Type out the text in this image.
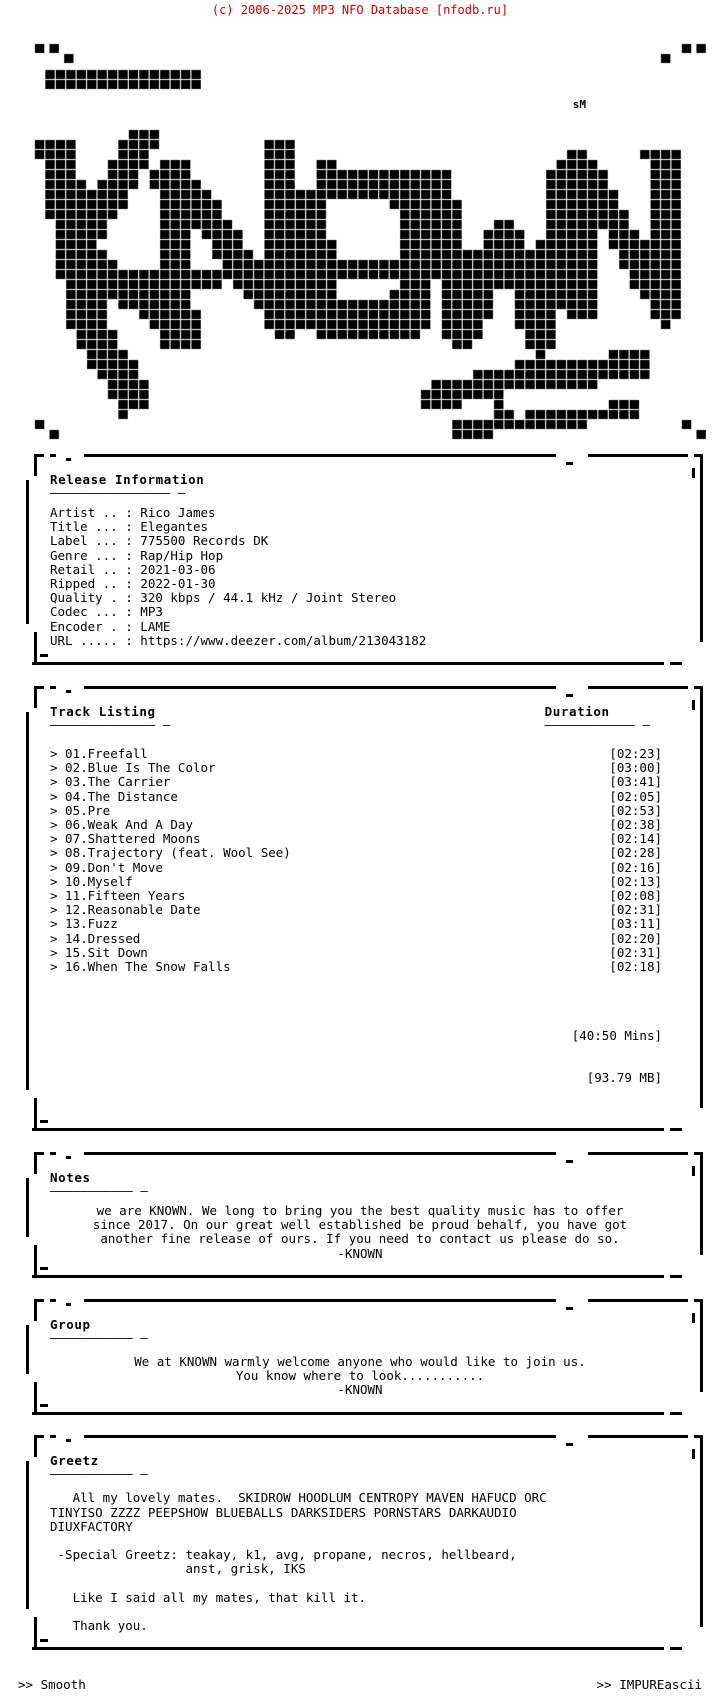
(c) 2006-2025 MP3 NFO Database [nfodb.ru]
sM
Release Information
———————————————— —
Artist .. : Rico James
Title ... : Elegantes
Label ... : 775500 Records DK
Genre ... : Rap/Hip Hop
Retail .. : 2021-03-06
Ripped .. : 2022-01-30
Quality . : 320 kbps / 44.1 kHz / Joint Stereo
Codec ... : MP3
Encoder . : LAME
URL ..... : https://www.deezer.com/album/213043182
Track Listing
—————————————— —
Duration
———————————— —
> 01.Freefall	[02:23]
> 02.Blue Is The Color	[03:00]
> 03.The Carrier	[03:41]
> 04.The Distance	[02:05]
> 05.Pre	[02:53]
> 06.Weak And A Day	[02:38]
> 07.Shattered Moons	[02:14]
> 08.Trajectory (feat. Wool See)	[02:28]
> 09.Don't Move	[02:16]
> 10.Myself	[02:13]
> 11.Fifteen Years	[02:08]
> 12.Reasonable Date	[02:31]
> 13.Fuzz	[03:11]
> 14.Dressed	[02:20]
> 15.Sit Down	[02:31]
> 16.When The Snow Falls	[02:18]

[40:50 Mins]

[93.79 MB]

Notes
——————————— —
we are KNOWN. We long to bring you the best quality music has to offer
since 2017. On our great well established be proud behalf, you have got
another fine release of ours. If you need to contact us please do so.
-KNOWN
Group
——————————— —
We at KNOWN warmly welcome anyone who would like to join us.
You know where to look...........
-KNOWN
Greetz
——————————— —
All my lovely mates.  SKIDROW HOODLUM CENTROPY MAVEN HAFUCD ORC
TINYISO ZZZZ PEEPSHOW BLUEBALLS DARKSIDERS PORNSTARS DARKAUDIO
DIUXFACTORY

-Special Greetz: teakay, k1, avg, propane, necros, hellbeard,
anst, grisk, IKS

Like I said all my mates, that kill it.

Thank you.
>> Smooth	>> IMPUREascii
